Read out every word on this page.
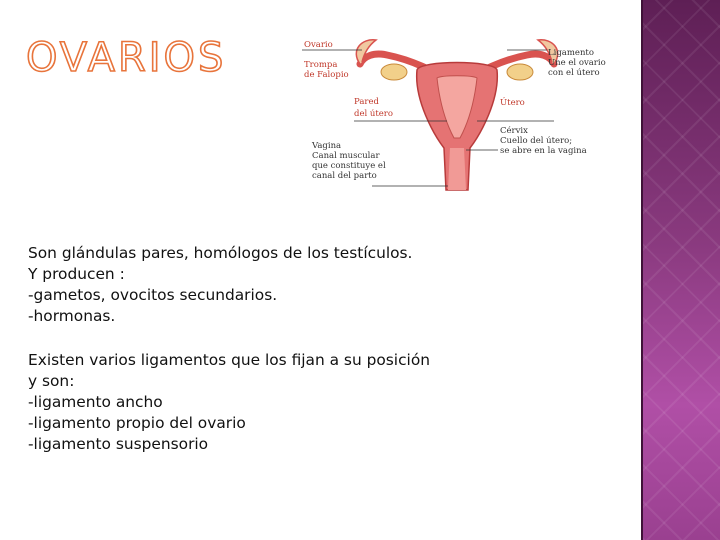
OVARIOS	Ovario
Trompa
de Falopio
Pared
del útero
Vagina
Canal muscular
que constituye el
canal del parto
Ligamento
Une el ovario
con el útero
Útero
Cérvix
Cuello del útero;
se abre en la vagina

Son glándulas pares, homólogos de los testículos.

Y producen :

-gametos, ovocitos secundarios.

-hormonas.

Existen varios ligamentos que los fijan a su posición

y son:

-ligamento ancho

-ligamento propio del ovario

-ligamento suspensorio
